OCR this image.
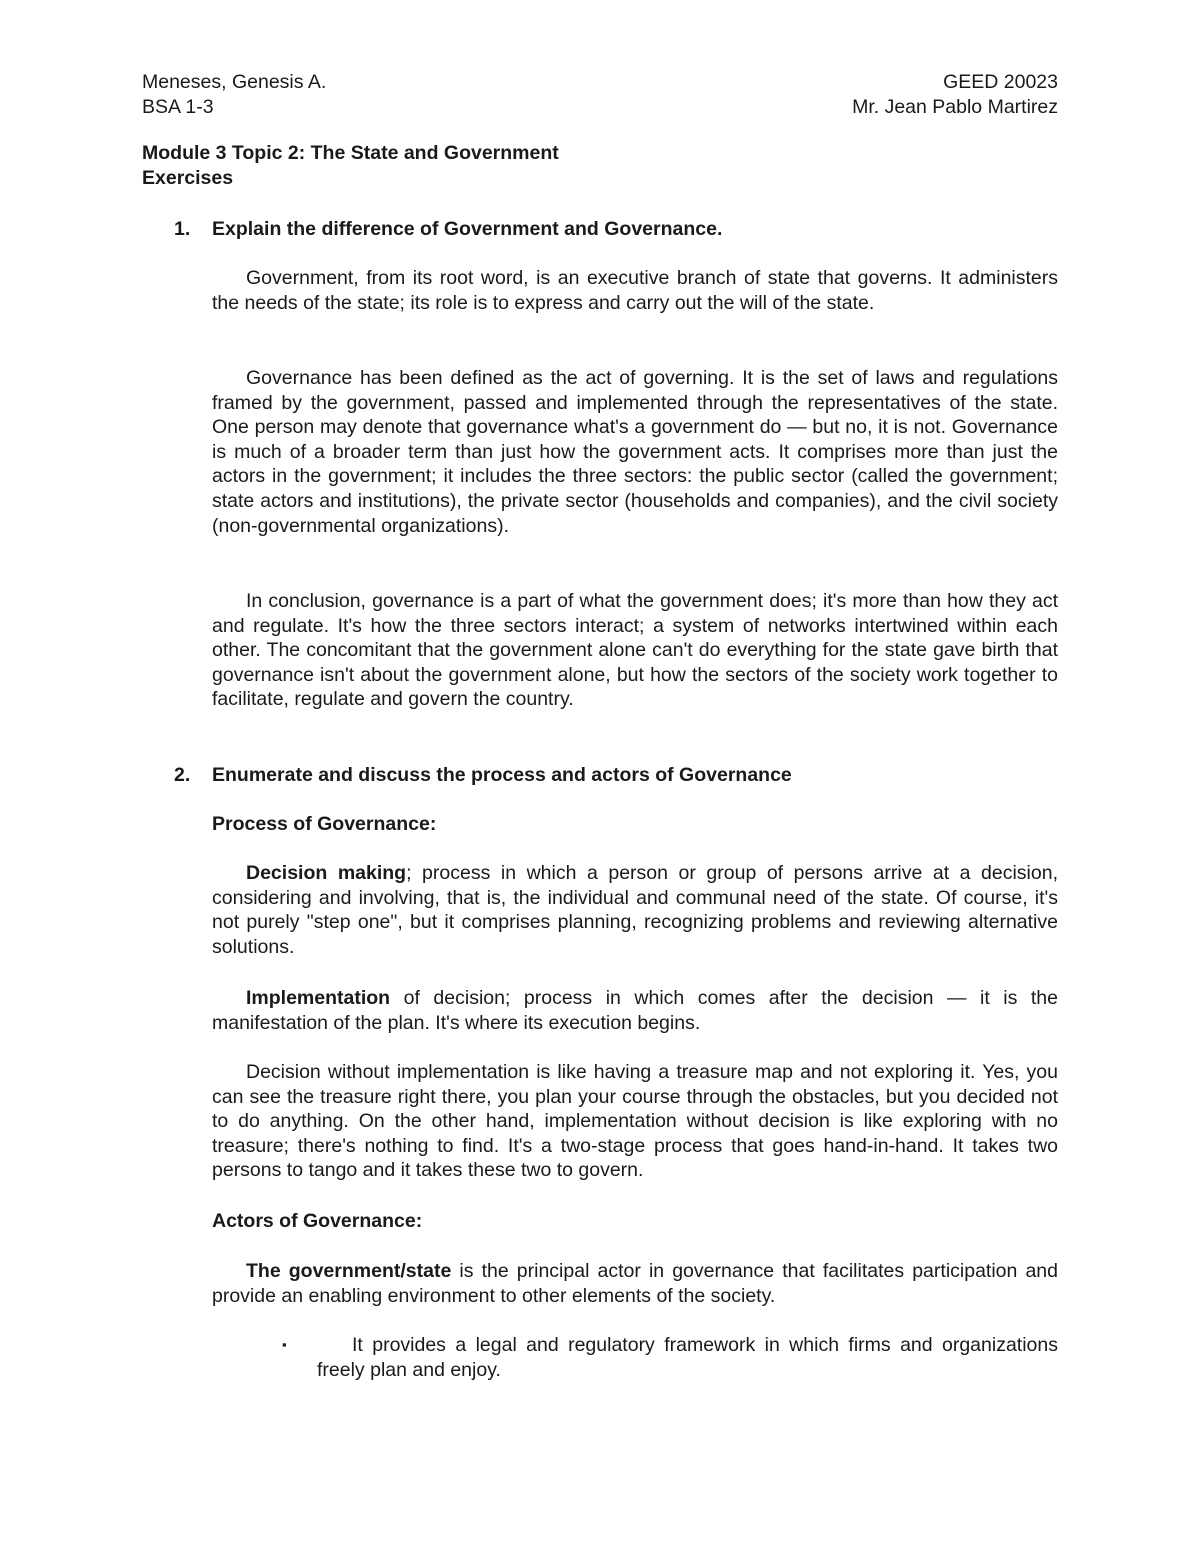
Meneses, Genesis A.	GEED 20023
BSA 1-3	Mr. Jean Pablo Martirez
Module 3 Topic 2: The State and Government
Exercises
1. Explain the difference of Government and Governance.

Government, from its root word, is an executive branch of state that governs. It administers the needs of the state; its role is to express and carry out the will of the state.

Governance has been defined as the act of governing. It is the set of laws and regulations framed by the government, passed and implemented through the representatives of the state. One person may denote that governance what's a government do — but no, it is not. Governance is much of a broader term than just how the government acts. It comprises more than just the actors in the government; it includes the three sectors: the public sector (called the government; state actors and institutions), the private sector (households and companies), and the civil society (non-governmental organizations).

In conclusion, governance is a part of what the government does; it's more than how they act and regulate. It's how the three sectors interact; a system of networks intertwined within each other. The concomitant that the government alone can't do everything for the state gave birth that governance isn't about the government alone, but how the sectors of the society work together to facilitate, regulate and govern the country.

2. Enumerate and discuss the process and actors of Governance

Process of Governance:

Decision making; process in which a person or group of persons arrive at a decision, considering and involving, that is, the individual and communal need of the state. Of course, it's not purely "step one", but it comprises planning, recognizing problems and reviewing alternative solutions.

Implementation of decision; process in which comes after the decision — it is the manifestation of the plan. It's where its execution begins.

Decision without implementation is like having a treasure map and not exploring it. Yes, you can see the treasure right there, you plan your course through the obstacles, but you decided not to do anything. On the other hand, implementation without decision is like exploring with no treasure; there's nothing to find. It's a two-stage process that goes hand-in-hand. It takes two persons to tango and it takes these two to govern.

Actors of Governance:

The government/state is the principal actor in governance that facilitates participation and provide an enabling environment to other elements of the society.

▪	It provides a legal and regulatory framework in which firms and organizations freely plan and enjoy.
